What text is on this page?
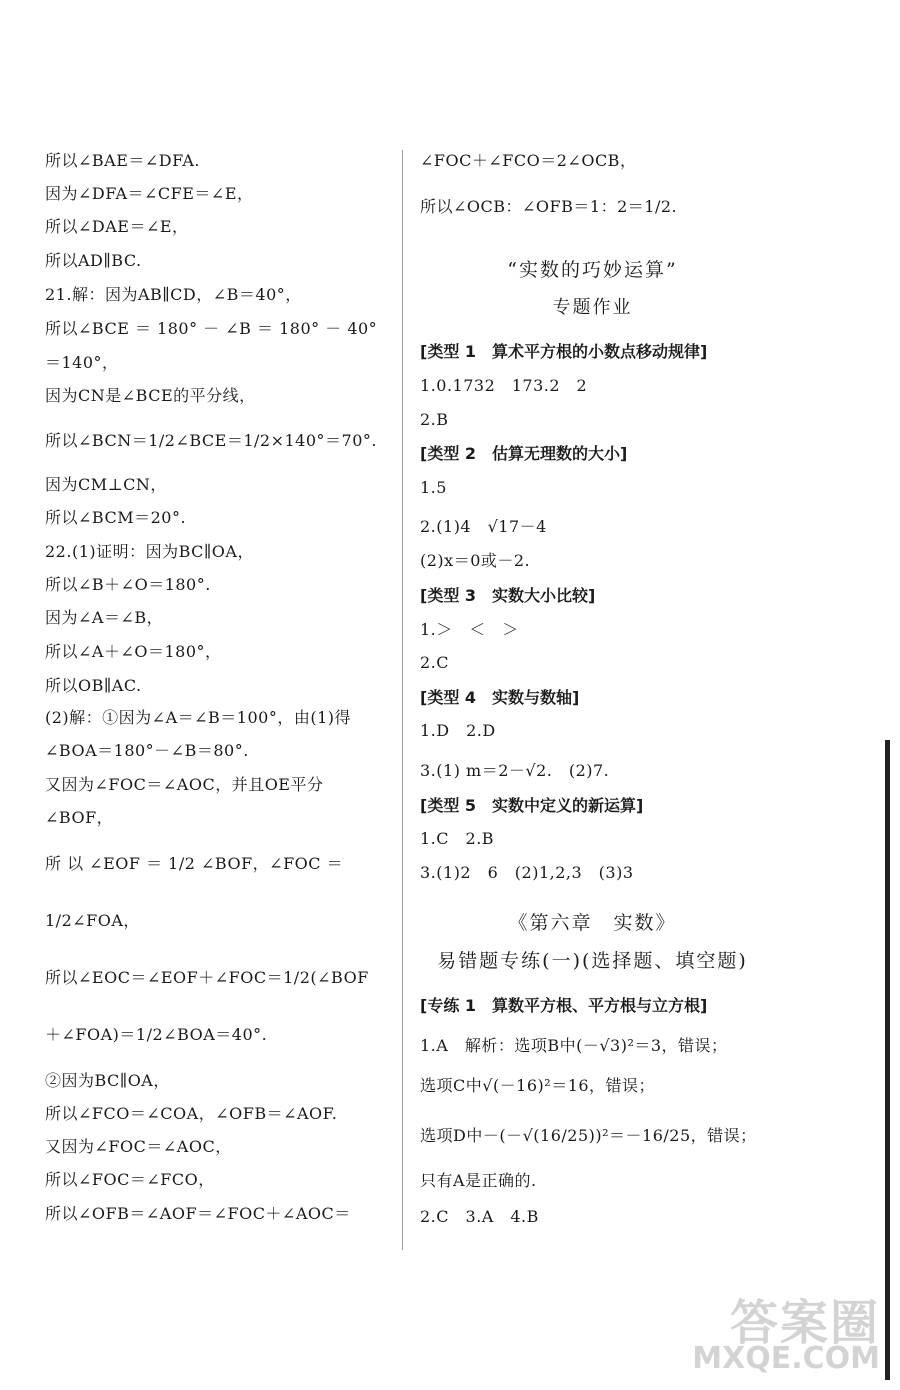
所以∠BAE＝∠DFA.
因为∠DFA＝∠CFE＝∠E，
所以∠DAE＝∠E，
所以AD∥BC.
21.解：因为AB∥CD，∠B＝40°，
所以∠BCE ＝ 180° － ∠B ＝ 180° － 40°
＝140°，
因为CN是∠BCE的平分线，
所以∠BCN＝1/2∠BCE＝1/2×140°＝70°.
因为CM⊥CN，
所以∠BCM＝20°.
22.(1)证明：因为BC∥OA，
所以∠B＋∠O＝180°.
因为∠A＝∠B，
所以∠A＋∠O＝180°，
所以OB∥AC.
(2)解：①因为∠A＝∠B＝100°，由(1)得
∠BOA＝180°－∠B＝80°.
又因为∠FOC＝∠AOC，并且OE平分
∠BOF，
所 以 ∠EOF ＝ 1/2 ∠BOF，∠FOC ＝
1/2∠FOA，
所以∠EOC＝∠EOF＋∠FOC＝1/2(∠BOF
＋∠FOA)＝1/2∠BOA＝40°.
②因为BC∥OA，
所以∠FCO＝∠COA，∠OFB＝∠AOF.
又因为∠FOC＝∠AOC，
所以∠FOC＝∠FCO，
所以∠OFB＝∠AOF＝∠FOC＋∠AOC＝
∠FOC＋∠FCO＝2∠OCB，
所以∠OCB：∠OFB＝1：2＝1/2.
“实数的巧妙运算”
专题作业
[类型 1　算术平方根的小数点移动规律]
1.0.1732　173.2　2
2.B
[类型 2　估算无理数的大小]
1.5
2.(1)4　√17－4
(2)x＝0或－2.
[类型 3　实数大小比较]
1.＞　＜　＞
2.C
[类型 4　实数与数轴]
1.D　2.D
3.(1) m＝2－√2.　(2)7.
[类型 5　实数中定义的新运算]
1.C　2.B
3.(1)2　6　(2)1,2,3　(3)3
《第六章　实数》
易错题专练(一)(选择题、填空题)
[专练 1　算数平方根、平方根与立方根]
1.A　解析：选项B中(－√3)²＝3，错误；
选项C中√(－16)²＝16，错误；
选项D中－(－√(16/25))²＝－16/25，错误；
只有A是正确的.
2.C　3.A　4.B
答案圈
MXQE.COM
